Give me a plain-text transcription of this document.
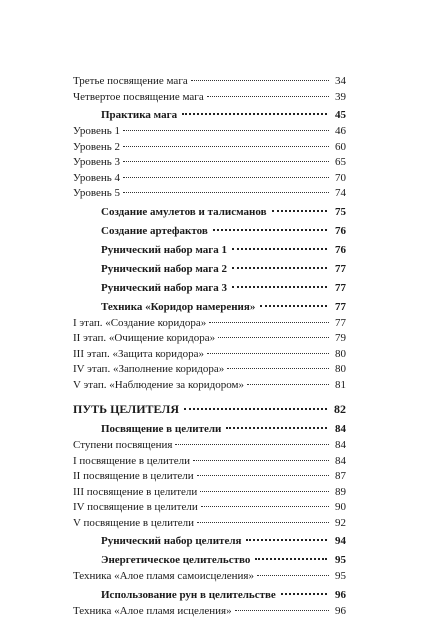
Третье посвящение мага	34
Четвертое посвящение мага	39
Практика мага	45
Уровень 1	46
Уровень 2	60
Уровень 3	65
Уровень 4	70
Уровень 5	74
Создание амулетов и талисманов	75
Создание артефактов	76
Рунический набор мага 1	76
Рунический набор мага 2	77
Рунический набор мага 3	77
Техника «Коридор намерения»	77
I этап. «Создание коридора»	77
II этап. «Очищение коридора»	79
III этап. «Защита коридора»	80
IV этап. «Заполнение коридора»	80
V этап. «Наблюдение за коридором»	81
ПУТЬ ЦЕЛИТЕЛЯ	82
Посвящение в целители	84
Ступени посвящения	84
I посвящение в целители	84
II посвящение в целители	87
III посвящение в целители	89
IV посвящение в целители	90
V посвящение в целители	92
Рунический набор целителя	94
Энергетическое целительство	95
Техника «Алое пламя самоисцеления»	95
Использование рун в целительстве	96
Техника «Алое пламя исцеления»	96
